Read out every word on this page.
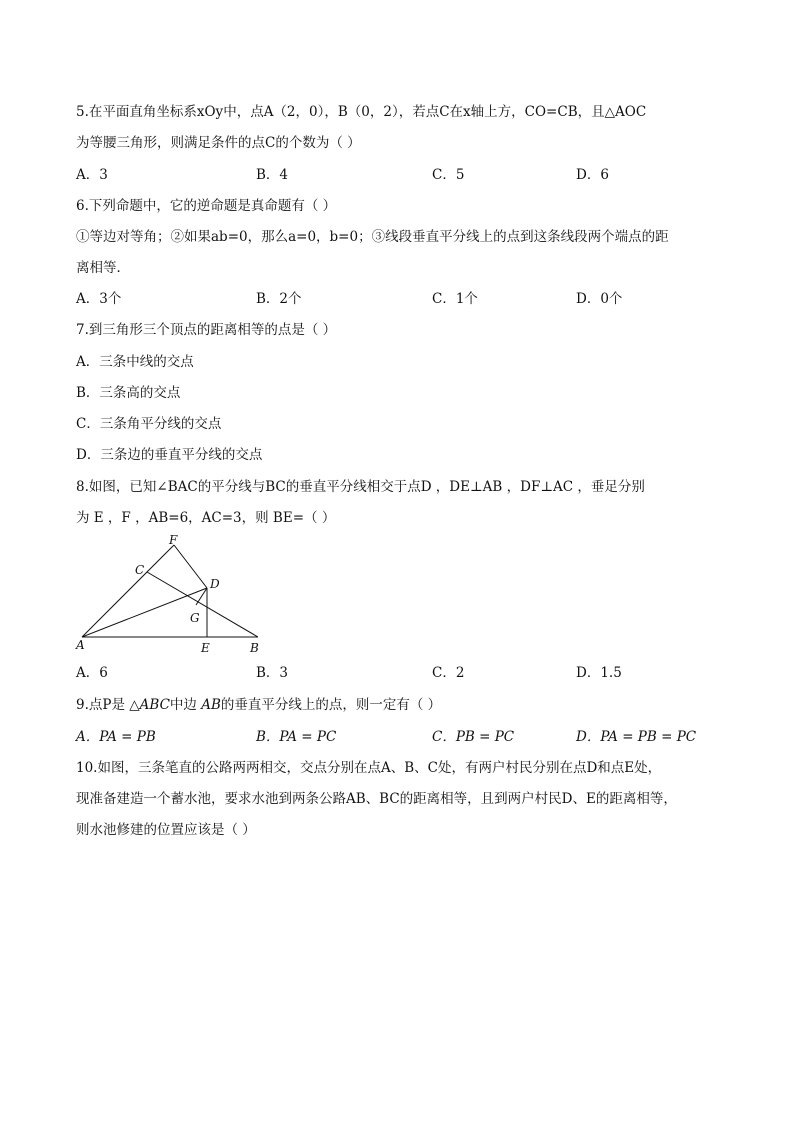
5.在平面直角坐标系xOy中，点A（2，0），B（0，2），若点C在x轴上方，CO=CB，且△AOC
为等腰三角形，则满足条件的点C的个数为（ ）
A．3	B．4	C．5	D．6
6.下列命题中，它的逆命题是真命题有（ ）
①等边对等角；②如果ab=0，那么a=0，b=0；③线段垂直平分线上的点到这条线段两个端点的距
离相等．
A．3个	B．2个	C．1个	D．0个
7.到三角形三个顶点的距离相等的点是（ ）
A．三条中线的交点
B．三条高的交点
C．三条角平分线的交点
D．三条边的垂直平分线的交点
8.如图，已知∠BAC的平分线与BC的垂直平分线相交于点D ，DE⊥AB ，DF⊥AC ，垂足分别
为 E ，F ，AB=6，AC=3，则 BE=（ ）
F
C
D
G
A	E	B
A．6	B．3	C．2	D．1.5
9.点P是 △ABC中边 AB的垂直平分线上的点，则一定有（ ）
A．PA = PB	B．PA = PC	C．PB = PC	D．PA = PB = PC
10.如图，三条笔直的公路两两相交，交点分别在点A、B、C处，有两户村民分别在点D和点E处，
现准备建造一个蓄水池，要求水池到两条公路AB、BC的距离相等，且到两户村民D、E的距离相等，
则水池修建的位置应该是（ ）
